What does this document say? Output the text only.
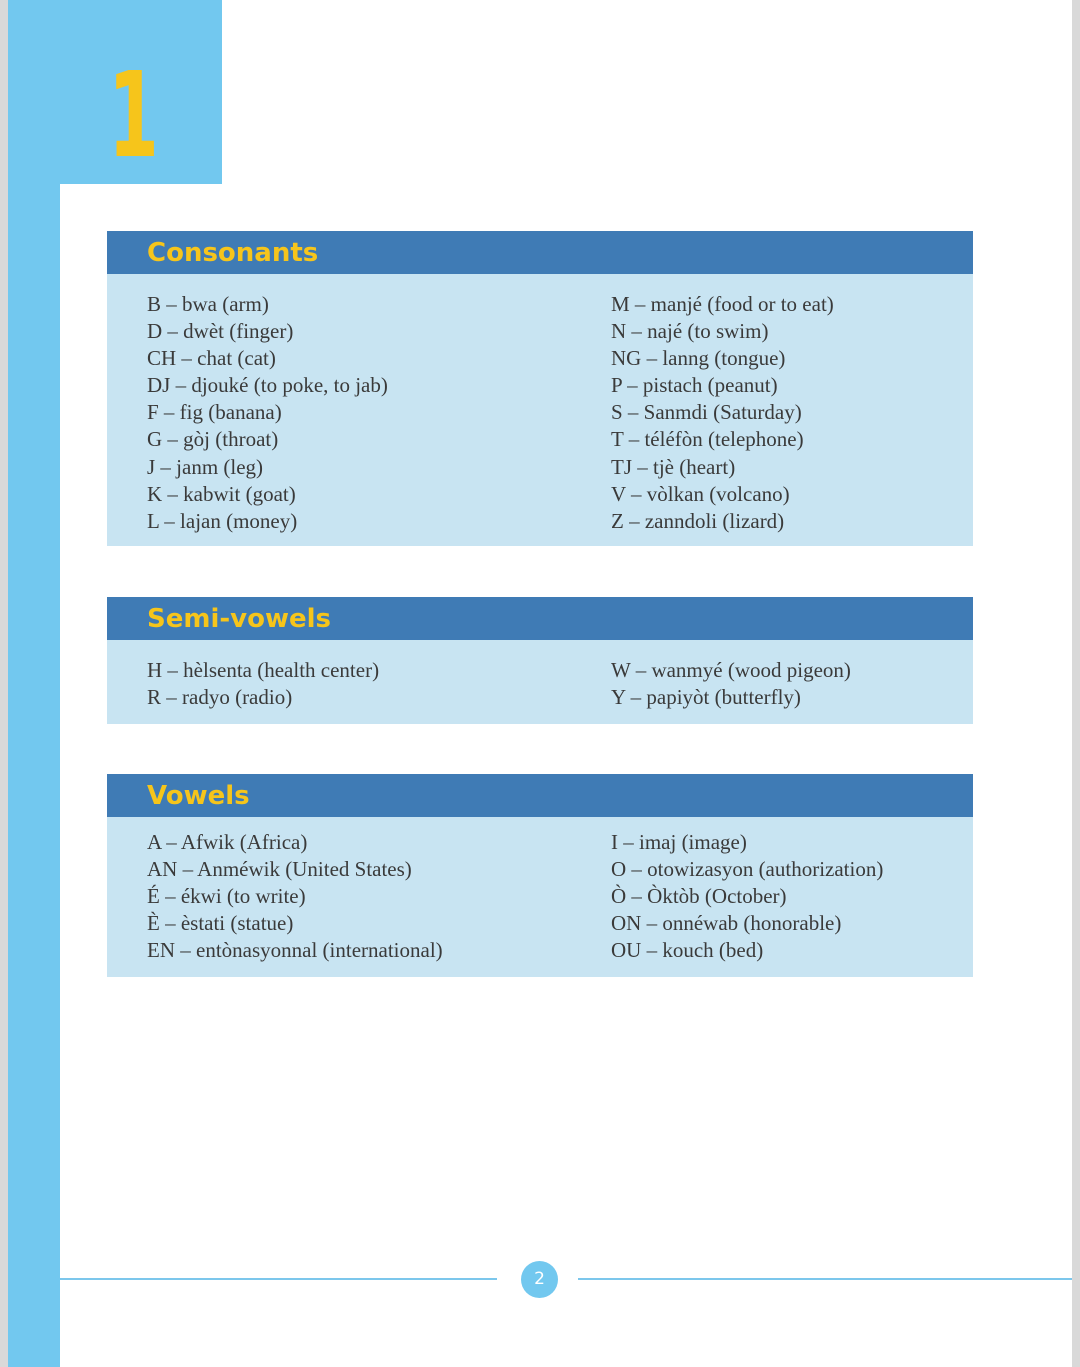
1
Consonants
B – bwa (arm)
D – dwèt (finger)
CH – chat (cat)
DJ – djouké (to poke, to jab)
F – fig (banana)
G – gòj (throat)
J – janm (leg)
K – kabwit (goat)
L – lajan (money)
M – manjé (food or to eat)
N – najé (to swim)
NG – lanng (tongue)
P – pistach (peanut)
S – Sanmdi (Saturday)
T – téléfòn (telephone)
TJ – tjè (heart)
V – vòlkan (volcano)
Z – zanndoli (lizard)
Semi-vowels
H – hèlsenta (health center)
R – radyo (radio)
W – wanmyé (wood pigeon)
Y – papiyòt (butterfly)
Vowels
A – Afwik (Africa)
AN – Anméwik (United States)
É – ékwi (to write)
È – èstati (statue)
EN – entònasyonnal (international)
I – imaj (image)
O – otowizasyon (authorization)
Ò – Òktòb (October)
ON – onnéwab (honorable)
OU – kouch (bed)
2
